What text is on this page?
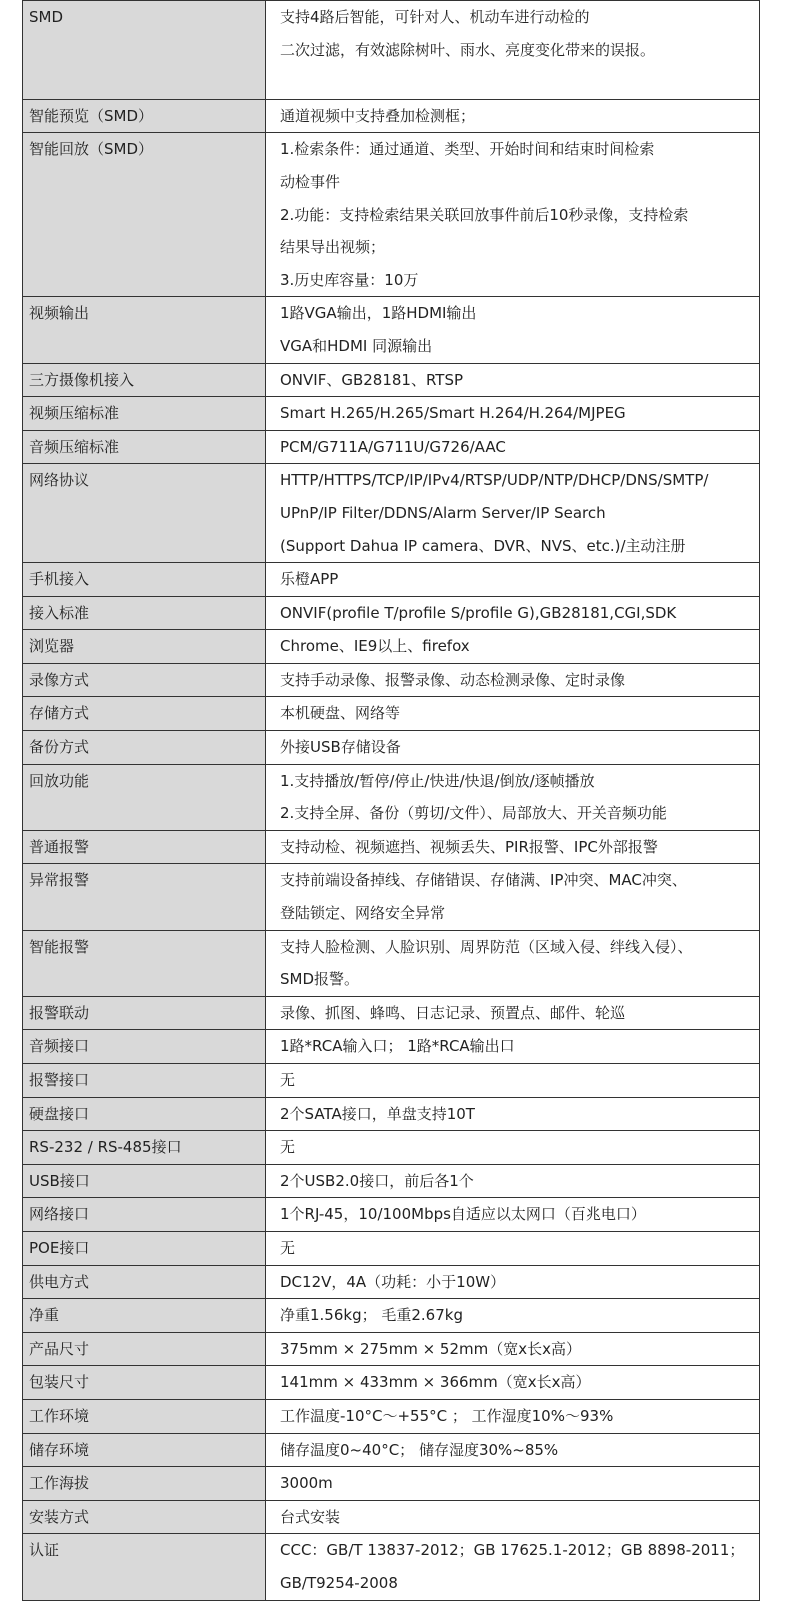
SMD	支持4路后智能，可针对人、机动车进行动检的
二次过滤，有效滤除树叶、雨水、亮度变化带来的误报。

智能预览（SMD）	通道视频中支持叠加检测框；

智能回放（SMD）	1.检索条件：通过通道、类型、开始时间和结束时间检索
动检事件
2.功能：支持检索结果关联回放事件前后10秒录像，支持检索
结果导出视频；
3.历史库容量：10万

视频输出	1路VGA输出，1路HDMI输出
VGA和HDMI 同源输出

三方摄像机接入	ONVIF、GB28181、RTSP

视频压缩标准	Smart H.265/H.265/Smart H.264/H.264/MJPEG

音频压缩标准	PCM/G711A/G711U/G726/AAC

网络协议	HTTP/HTTPS/TCP/IP/IPv4/RTSP/UDP/NTP/DHCP/DNS/SMTP/
UPnP/IP Filter/DDNS/Alarm Server/IP Search
(Support Dahua IP camera、DVR、NVS、etc.)/主动注册

手机接入	乐橙APP

接入标准	ONVIF(profile T/profile S/profile G),GB28181,CGI,SDK

浏览器	Chrome、IE9以上、firefox

录像方式	支持手动录像、报警录像、动态检测录像、定时录像

存储方式	本机硬盘、网络等

备份方式	外接USB存储设备

回放功能	1.支持播放/暂停/停止/快进/快退/倒放/逐帧播放
2.支持全屏、备份（剪切/文件）、局部放大、开关音频功能

普通报警	支持动检、视频遮挡、视频丢失、PIR报警、IPC外部报警

异常报警	支持前端设备掉线、存储错误、存储满、IP冲突、MAC冲突、
登陆锁定、网络安全异常

智能报警	支持人脸检测、人脸识别、周界防范（区域入侵、绊线入侵）、
SMD报警。

报警联动	录像、抓图、蜂鸣、日志记录、预置点、邮件、轮巡

音频接口	1路*RCA输入口； 1路*RCA输出口

报警接口	无

硬盘接口	2个SATA接口，单盘支持10T

RS-232 / RS-485接口	无

USB接口	2个USB2.0接口，前后各1个

网络接口	1个RJ-45，10/100Mbps自适应以太网口（百兆电口）

POE接口	无

供电方式	DC12V，4A（功耗：小于10W）

净重	净重1.56kg； 毛重2.67kg

产品尺寸	375mm × 275mm × 52mm（宽x长x高）

包装尺寸	141mm × 433mm × 366mm（宽x长x高）

工作环境	工作温度-10°C～+55°C ； 工作湿度10%～93%

储存环境	储存温度0~40°C； 储存湿度30%~85%

工作海拔	3000m

安装方式	台式安装

认证	CCC：GB/T 13837-2012；GB 17625.1-2012；GB 8898-2011；
GB/T9254-2008
